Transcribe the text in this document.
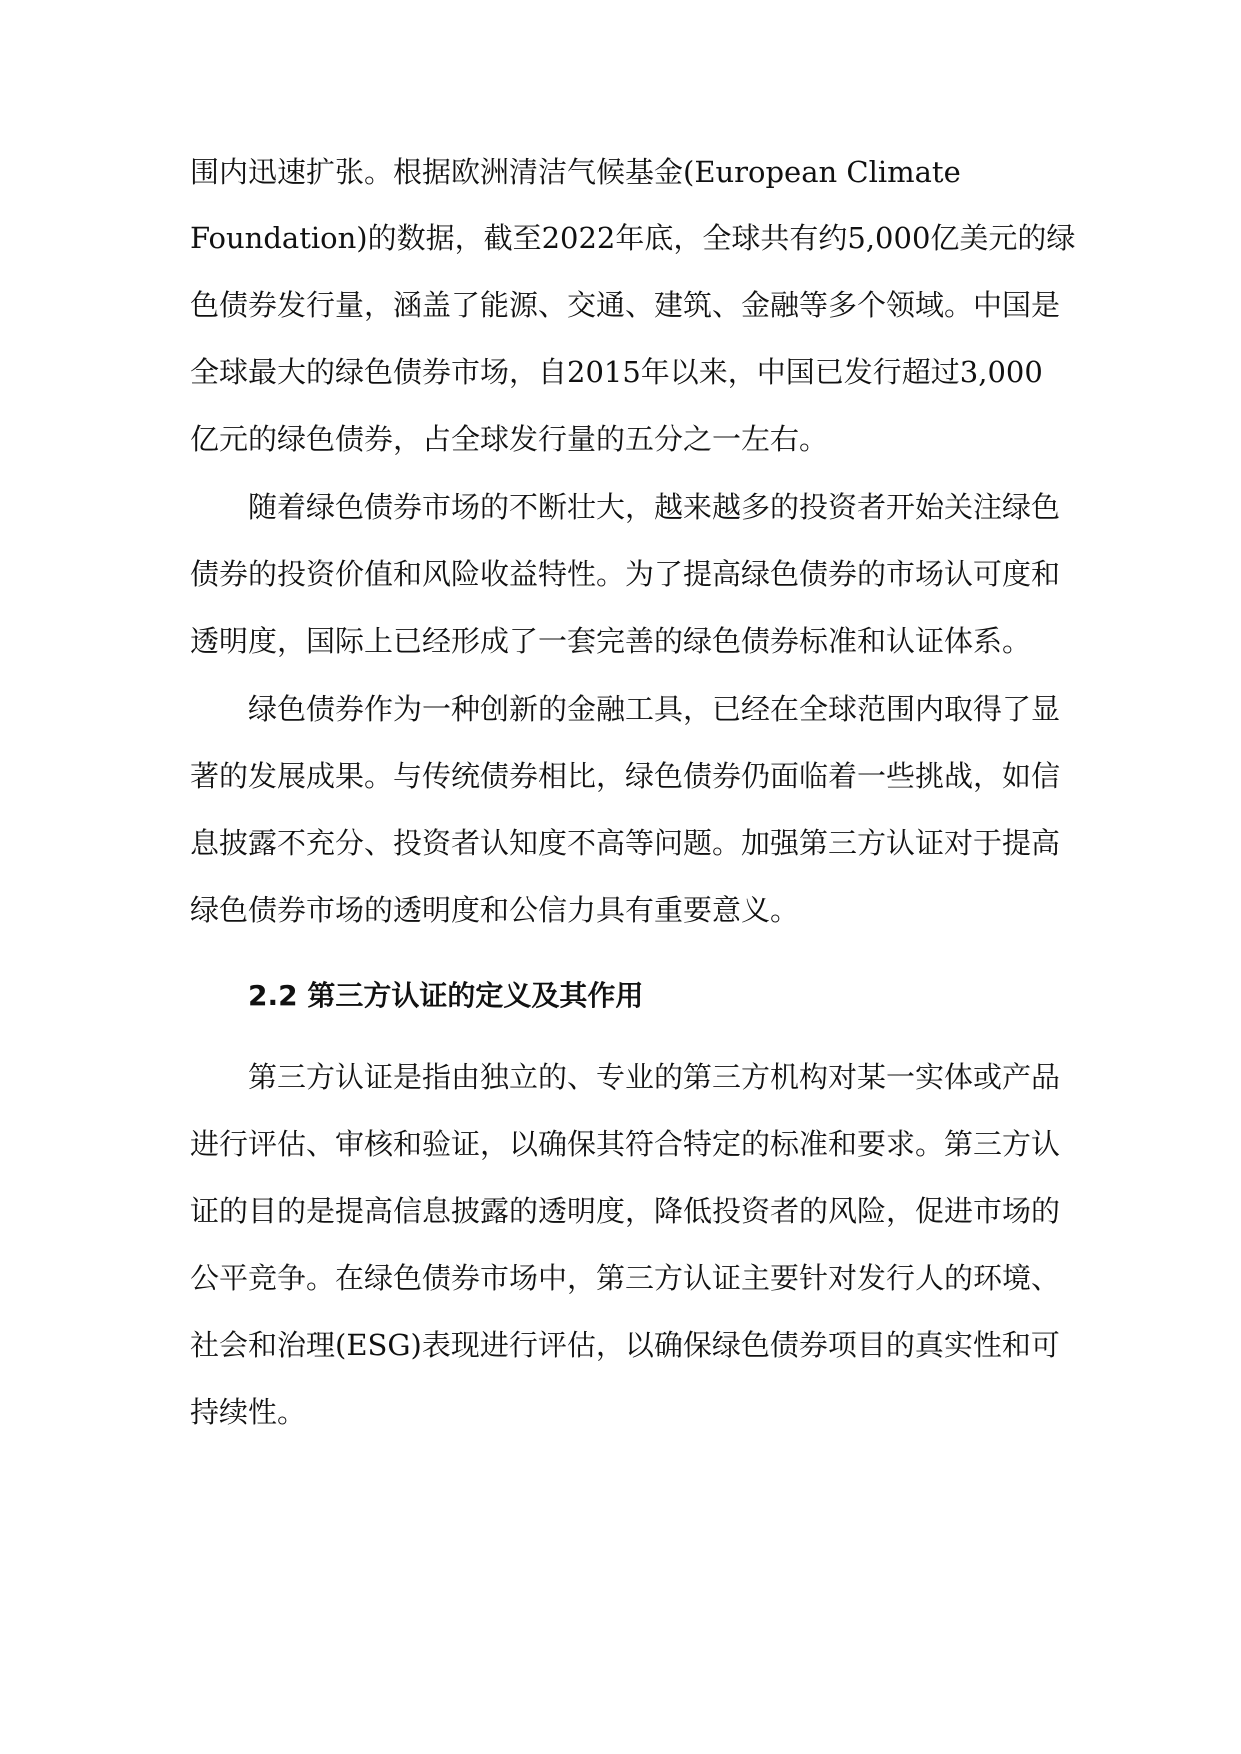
围内迅速扩张。根据欧洲清洁气候基金(European Climate
Foundation)的数据，截至2022年底，全球共有约5,000亿美元的绿
色债券发行量，涵盖了能源、交通、建筑、金融等多个领域。中国是
全球最大的绿色债券市场，自2015年以来，中国已发行超过3,000
亿元的绿色债券，占全球发行量的五分之一左右。
随着绿色债券市场的不断壮大，越来越多的投资者开始关注绿色
债券的投资价值和风险收益特性。为了提高绿色债券的市场认可度和
透明度，国际上已经形成了一套完善的绿色债券标准和认证体系。
绿色债券作为一种创新的金融工具，已经在全球范围内取得了显
著的发展成果。与传统债券相比，绿色债券仍面临着一些挑战，如信
息披露不充分、投资者认知度不高等问题。加强第三方认证对于提高
绿色债券市场的透明度和公信力具有重要意义。
2.2 第三方认证的定义及其作用
第三方认证是指由独立的、专业的第三方机构对某一实体或产品
进行评估、审核和验证，以确保其符合特定的标准和要求。第三方认
证的目的是提高信息披露的透明度，降低投资者的风险，促进市场的
公平竞争。在绿色债券市场中，第三方认证主要针对发行人的环境、
社会和治理(ESG)表现进行评估，以确保绿色债券项目的真实性和可
持续性。
